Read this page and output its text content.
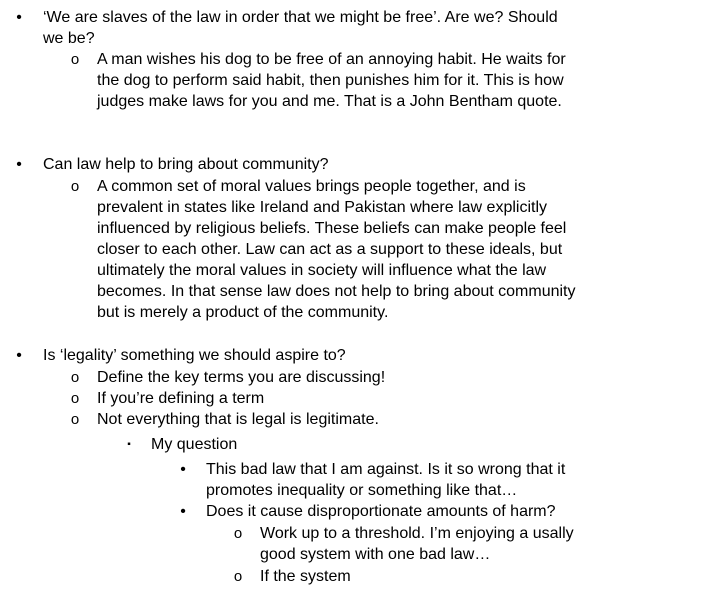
• ‘We are slaves of the law in order that we might be free’. Are we? Should
we be?
o A man wishes his dog to be free of an annoying habit. He waits for
the dog to perform said habit, then punishes him for it. This is how
judges make laws for you and me. That is a John Bentham quote.
• Can law help to bring about community?
o A common set of moral values brings people together, and is
prevalent in states like Ireland and Pakistan where law explicitly
influenced by religious beliefs. These beliefs can make people feel
closer to each other. Law can act as a support to these ideals, but
ultimately the moral values in society will influence what the law
becomes. In that sense law does not help to bring about community
but is merely a product of the community.
• Is ‘legality’ something we should aspire to?
o Define the key terms you are discussing!
o If you’re defining a term
o Not everything that is legal is legitimate.
▪	My question
• This bad law that I am against. Is it so wrong that it
promotes inequality or something like that…
• Does it cause disproportionate amounts of harm?
o Work up to a threshold. I’m enjoying a usally
good system with one bad law…
o If the system
